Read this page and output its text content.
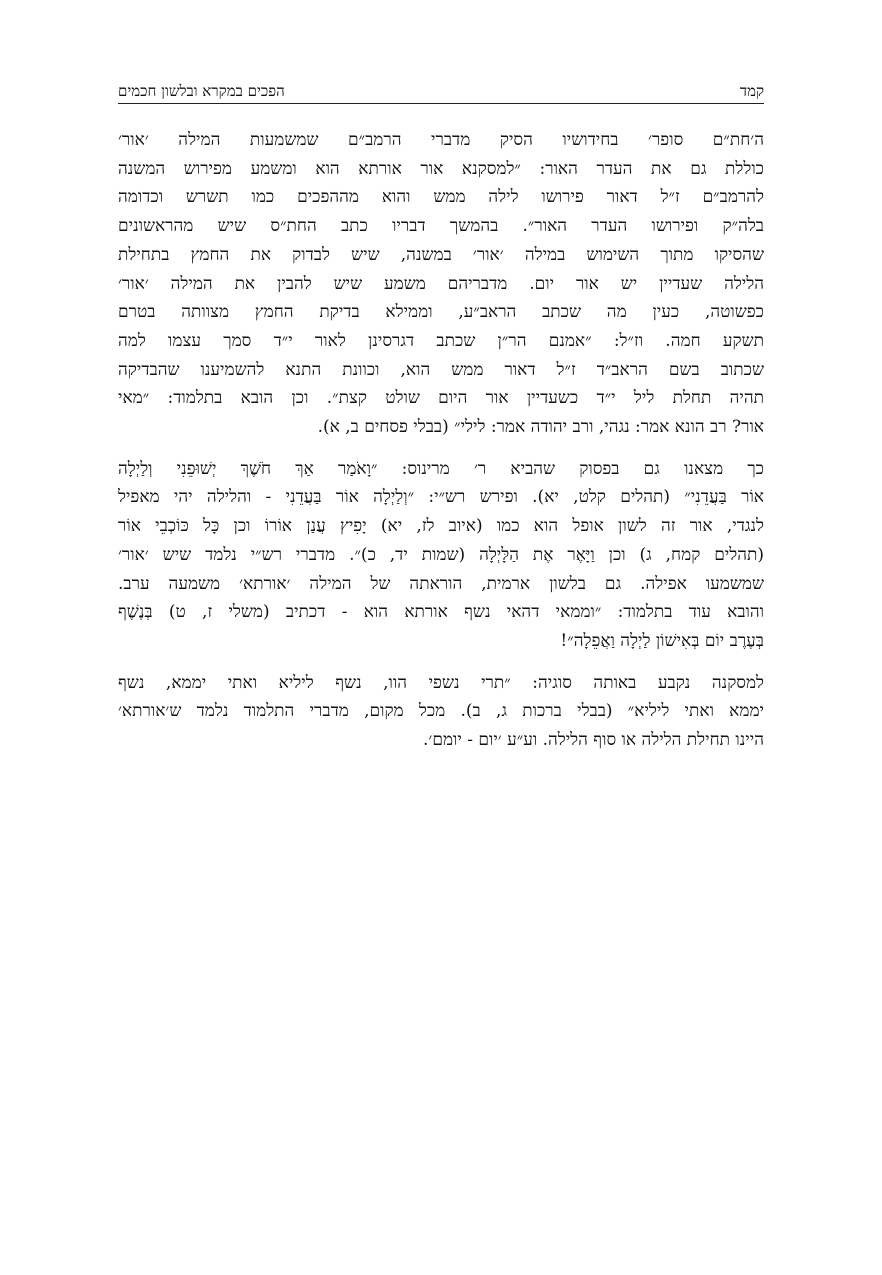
קמד
הפכים במקרא ובלשון חכמים

ה׳חת״ם סופר׳ בחידושיו הסיק מדברי הרמב״ם שמשמעות המילה ׳אור׳
כוללת גם את העדר האור: ״למסקנא אור אורתא הוא ומשמע מפירוש המשנה
להרמב״ם ז״ל דאור פירושו לילה ממש והוא מההפכים כמו תשרש וכדומה
בלה״ק ופירושו העדר האור״. בהמשך דבריו כתב החת״ס שיש מהראשונים
שהסיקו מתוך השימוש במילה ׳אור׳ במשנה, שיש לבדוק את החמץ בתחילת
הלילה שעדיין יש אור יום. מדבריהם משמע שיש להבין את המילה ׳אור׳
כפשוטה, כעין מה שכתב הראב״ע, וממילא בדיקת החמץ מצוותה בטרם
תשקע חמה. וז״ל: ״אמנם הר״ן שכתב דגרסינן לאור י״ד סמך עצמו למה
שכתוב בשם הראב״ד ז״ל דאור ממש הוא, וכוונת התנא להשמיענו שהבדיקה
תהיה תחלת ליל י״ד כשעדיין אור היום שולט קצת״. וכן הובא בתלמוד: ״מאי
אור? רב הונא אמר: נגהי, ורב יהודה אמר: לילי״ (בבלי פסחים ב, א).

כך מצאנו גם בפסוק שהביא ר׳ מרינוס: ״וָאֹמַר אַךְ חֹשֶׁךְ יְשׁוּפֵנִי וְלַיְלָה
אוֹר בַּעֲדֵנִי״ (תהלים קלט, יא). ופירש רש״י: ״וְלַיְלָה אוֹר בַּעֲדֵנִי - והלילה יהי מאפיל
לנגדי, אור זה לשון אופל הוא כמו (איוב לז, יא) יָפִיץ עֲנַן אוֹרוֹ וכן כָּל כּוֹכְבֵי אוֹר
(תהלים קמח, ג) וכן וַיָּאֶר אֶת הַלָּיְלָה (שמות יד, כ)״. מדברי רש״י נלמד שיש ׳אור׳
שמשמעו אפילה. גם בלשון ארמית, הוראתה של המילה ׳אורתא׳ משמעה ערב.
והובא עוד בתלמוד: ״וממאי דהאי נשף אורתא הוא - דכתיב (משלי ז, ט) בְּנֶשֶׁף
בְּעֶרֶב יוֹם בְּאִישׁוֹן לַיְלָה וַאֲפֵלָה״!

למסקנה נקבע באותה סוגיה: ״תרי נשפי הוו, נשף ליליא ואתי יממא, נשף
יממא ואתי ליליא״ (בבלי ברכות ג, ב). מכל מקום, מדברי התלמוד נלמד ש׳אורתא׳
היינו תחילת הלילה או סוף הלילה. וע״ע ׳יום - יומם׳.
